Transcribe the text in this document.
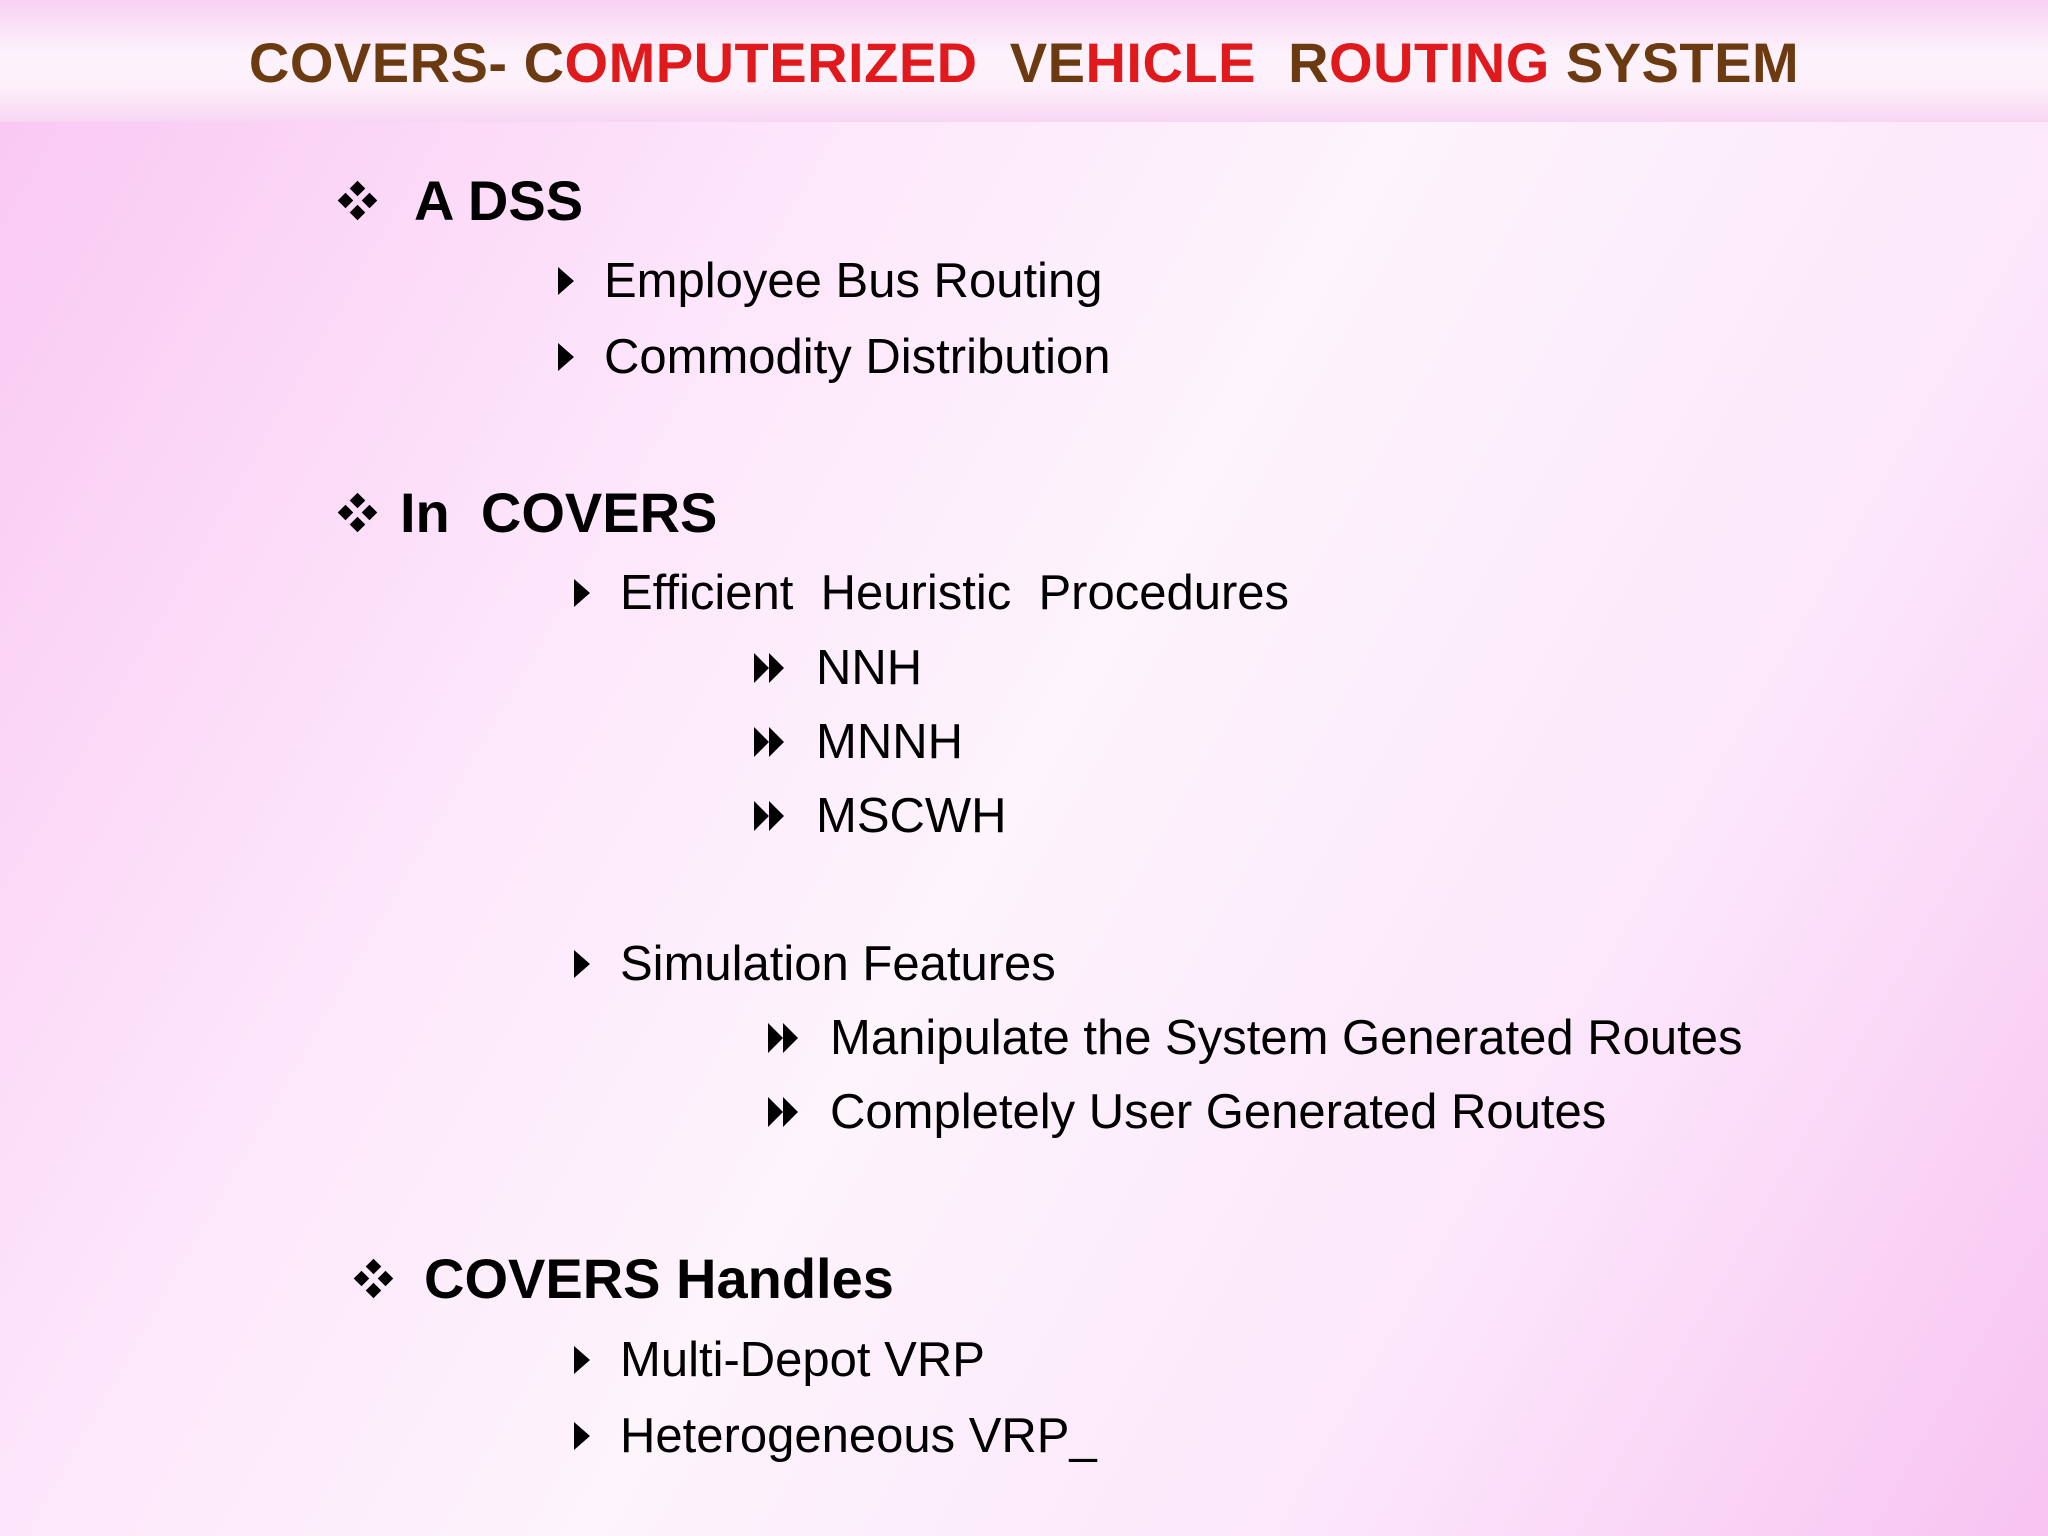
COVERS- COMPUTERIZED  VEHICLE  ROUTING SYSTEM
A DSS
Employee Bus Routing
Commodity Distribution
In  COVERS
Efficient  Heuristic  Procedures
NNH
MNNH
MSCWH
Simulation Features
Manipulate the System Generated Routes
Completely User Generated Routes
COVERS Handles
Multi-Depot VRP
Heterogeneous VRP_
